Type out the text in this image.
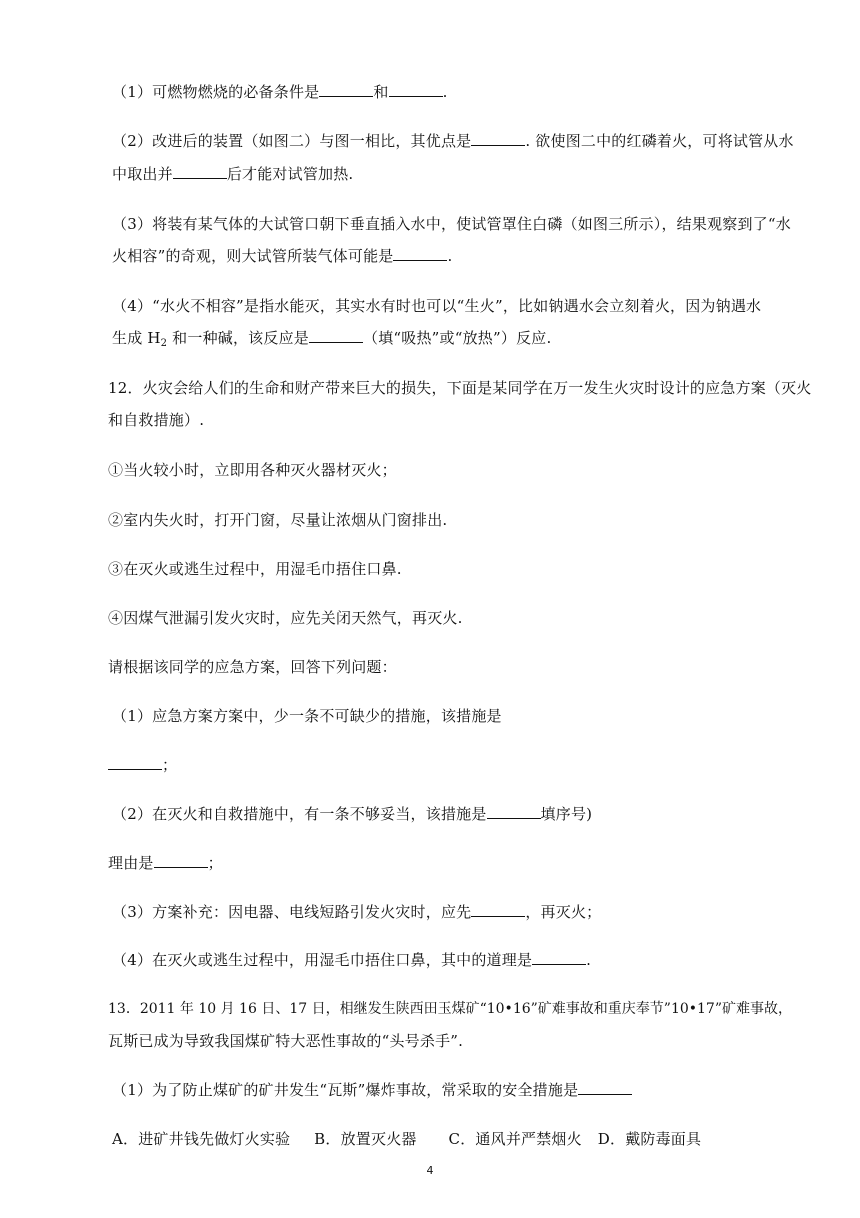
（1）可燃物燃烧的必备条件是	和	.
（2）改进后的装置（如图二）与图一相比，其优点是	. 欲使图二中的红磷着火，可将试管从水
中取出并	后才能对试管加热.
（3）将装有某气体的大试管口朝下垂直插入水中，使试管罩住白磷（如图三所示），结果观察到了“水
火相容”的奇观，则大试管所装气体可能是	.
（4）“水火不相容”是指水能灭，其实水有时也可以“生火”，比如钠遇水会立刻着火，因为钠遇水
生成 $H_2$ 和一种碱，该反应是	（填“吸热”或“放热”）反应.
12．火灾会给人们的生命和财产带来巨大的损失，下面是某同学在万一发生火灾时设计的应急方案（灭火
和自救措施）.
①当火较小时，立即用各种灭火器材灭火；
②室内失火时，打开门窗，尽量让浓烟从门窗排出.
③在灭火或逃生过程中，用湿毛巾捂住口鼻.
④因煤气泄漏引发火灾时，应先关闭天然气，再灭火.
请根据该同学的应急方案，回答下列问题：
（1）应急方案方案中，少一条不可缺少的措施，该措施是
；
（2）在灭火和自救措施中，有一条不够妥当，该措施是	填序号)
理由是	；
（3）方案补充：因电器、电线短路引发火灾时，应先	，再灭火；
（4）在灭火或逃生过程中，用湿毛巾捂住口鼻，其中的道理是	.
13．2011 年 10 月 16 日、17 日，相继发生陕西田玉煤矿“10•16”矿难事故和重庆奉节”10•17”矿难事故，
瓦斯已成为导致我国煤矿特大恶性事故的“头号杀手”.
（1）为了防止煤矿的矿井发生“瓦斯”爆炸事故，常采取的安全措施是
A．进矿井钱先做灯火实验 B．放置灭火器 C．通风并严禁烟火 D．戴防毒面具
4
